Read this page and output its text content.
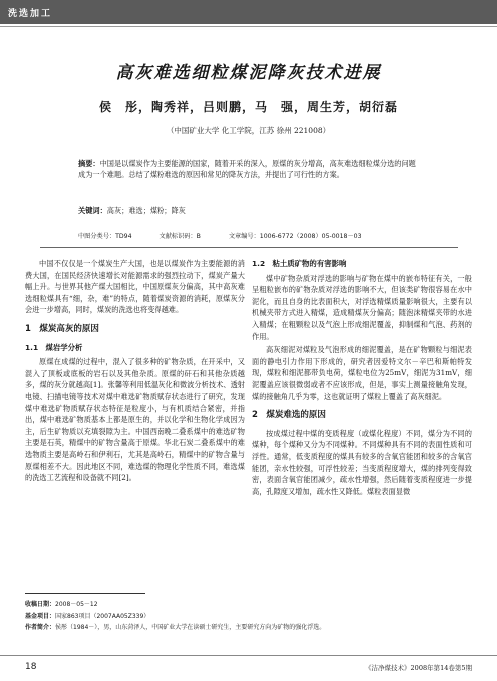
洗选加工
高灰难选细粒煤泥降灰技术进展
侯　彤，陶秀祥，吕则鹏，马　强，周生芳，胡衍磊
（中国矿业大学 化工学院，江苏 徐州 221008）
摘要：中国是以煤炭作为主要能源的国家，随着开采的深入，原煤的灰分增高，高灰难选细粒煤分选的问题成为一个难题。总结了煤粉难选的原因和常见的降灰方法，并提出了可行性的方案。
关键词：高灰；难选；煤粉；降灰
中图分类号：TD94	文献标识码：B	文章编号：1006-6772（2008）05-0018－03

中国不仅仅是一个煤炭生产大国，也是以煤炭作为主要能源的消费大国，在国民经济快速增长对能源需求的强烈拉动下，煤炭产量大幅上升。与世界其他产煤大国相比，中国原煤灰分偏高，其中高灰难选细粒煤具有“细，杂，难”的特点，随着煤炭资源的消耗，原煤灰分会进一步增高，同时，煤炭的洗选也将变得越难。

1　煤炭高灰的原因
1.1　煤岩学分析

原煤在成煤的过程中，混入了很多种的矿物杂质，在开采中，又混入了顶板或底板的岩石以及其他杂质。原煤的矸石和其他杂质越多，煤的灰分就越高[1]。张馨等利用低温灰化和微波分析技术、透射电镜、扫描电镜等技术对煤中难选矿物质赋存状态进行了研究，发现煤中难选矿物质赋存状态特征是粒度小，与有机质结合紧密，并指出，煤中难选矿物质基本上都是原生的，并以化学和生物化学成因为主，后生矿物质以充填裂隙为主。中国西南晚二叠系煤中的难选矿物主要是石英，精煤中的矿物含量高于原煤。华北石炭二叠系煤中的难选物质主要是高岭石和伊利石，尤其是高岭石，精煤中的矿物含量与原煤相差不大。因此地区不同，难选煤的物理化学性质不同，难选煤的洗选工艺流程和设备就不同[2]。

1.2　粘土质矿物的有害影响

煤中矿物杂质对浮选的影响与矿物在煤中的嵌布特征有关，一般呈粗粒嵌布的矿物杂质对浮选的影响不大，但该类矿物很容易在水中泥化，而且自身的比表面积大，对浮选精煤质量影响很大，主要有以机械夹带方式进入精煤，造成精煤灰分偏高；随泡沫精煤夹带的水进入精煤；在粗颗粒以及气泡上形成细泥覆盖，抑制煤和气泡、药剂的作用。

高灰细泥对煤粒及气泡形成的细泥覆盖，是在矿物颗粒与细泥表面的静电引力作用下形成的，研究者因爱特文尔－辛巴和斯帕特发现，煤粒和细泥都带负电荷，煤粒电位为25mV，细泥为31mV，细泥覆盖应该很微弱或者不应该形成，但是，事实上测量接触角发现，煤的接触角几乎为零，这也就证明了煤粒上覆盖了高灰细泥。

2　煤炭难选的原因

按成煤过程中煤的变质程度（或煤化程度）不同，煤分为不同的煤种，每个煤种又分为不同煤种。不同煤种具有不同的表面性质和可浮性。通常，低变质程度的煤具有较多的含氧官能团和较多的含氧官能团，亲水性较强，可浮性较差；当变质程度增大，煤的排列变得致密，表面含氧官能团减少，疏水性增强，然后随着变质程度进一步提高，孔隙度又增加，疏水性又降低。煤粒表面显微

收稿日期：2008－05－12
基金项目：国家863项目（2007AA05Z339）
作者简介：侯彤（1984－），男，山东菏泽人，中国矿业大学在读硕士研究生，主要研究方向为矿物的强化浮选。
18	《洁净煤技术》2008年第14卷第5期
